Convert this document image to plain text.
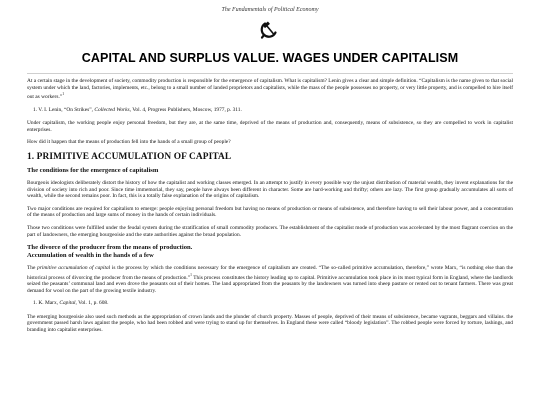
The Fundamentals of Political Economy
CAPITAL AND SURPLUS VALUE. WAGES UNDER CAPITALISM

At a certain stage in the development of society, commodity production is responsible for the emergence of capitalism. What is capitalism? Lenin gives a clear and simple definition. “Capitalism is the name given to that social system under which the land, factories, implements, etc., belong to a small number of landed proprietors and capitalists, while the mass of the people possesses no property, or very little property, and is compelled to hire itself out as workers.”$^1$

1. V. I. Lenin, “On Strikes”, Collected Works, Vol. 4, Progress Publishers, Moscow, 1977, p. 311.

Under capitalism, the working people enjoy personal freedom, but they are, at the same time, deprived of the means of production and, consequently, means of subsistence, so they are compelled to work in capitalist enterprises.

How did it happen that the means of production fell into the hands of a small group of people?

1. PRIMITIVE ACCUMULATION OF CAPITAL
The conditions for the emergence of capitalism

Bourgeois ideologists deliberately distort the history of how the capitalist and working classes emerged. In an attempt to justify in every possible way the unjust distribution of material wealth, they invent explanations for the division of society into rich and poor. Since time immemorial, they say, people have always been different in character. Some are hard-working and thrifty; others are lazy. The first group gradually accumulates all sorts of wealth, while the second remains poor. In fact, this is a totally false explanation of the origins of capitalism.

Two major conditions are required for capitalism to emerge: people enjoying personal freedom but having no means of production or means of subsistence, and therefore having to sell their labour power, and a concentration of the means of production and large sums of money in the hands of certain individuals.

Those two conditions were fulfilled under the feudal system during the stratification of small commodity producers. The establishment of the capitalist mode of production was accelerated by the most flagrant coercion on the part of landowners, the emerging bourgeoisie and the state authorities against the broad population.

The divorce of the producer from the means of production.
Accumulation of wealth in the hands of a few

The primitive accumulation of capital is the process by which the conditions necessary for the emergence of capitalism are created. “The so-called primitive accumulation, therefore,” wrote Marx, “is nothing else than the historical process of divorcing the producer from the means of production.”$^1$ This process constitutes the history leading up to capital. Primitive accumulation took place in its most typical form in England, where the landlords seized the peasants’ communal land and even drove the peasants out of their homes. The land appropriated from the peasants by the landowners was turned into sheep pasture or rented out to tenant farmers. There was great demand for wool on the part of the growing textile industry.

1. K. Marx, Capital, Vol. 1, p. 608.

The emerging bourgeoisie also used such methods as the appropriation of crown lands and the plunder of church property. Masses of people, deprived of their means of subsistence, became vagrants, beggars and villains. the government passed harsh laws against the people, who had been robbed and were trying to stand up for themselves. In England these were called “bloody legislation”. The robbed people were forced by torture, lashings, and branding into capitalist enterprises.
